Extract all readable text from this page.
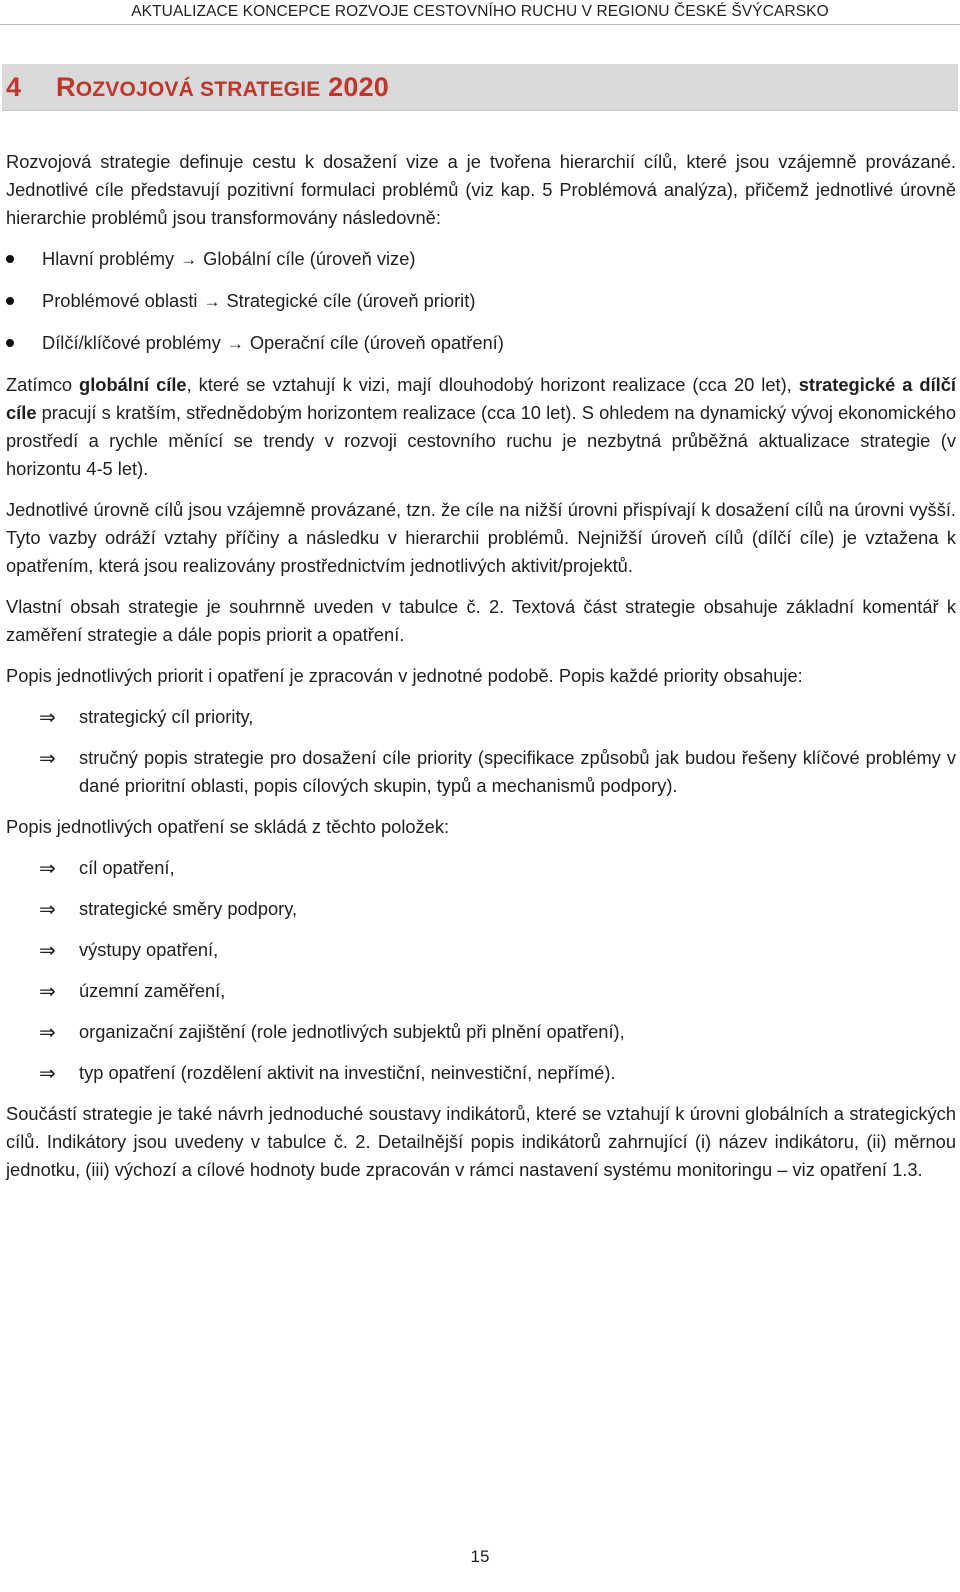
AKTUALIZACE KONCEPCE ROZVOJE CESTOVNÍHO RUCHU V REGIONU ČESKÉ ŠVÝCARSKO
4 ROZVOJOVÁ STRATEGIE 2020

Rozvojová strategie definuje cestu k dosažení vize a je tvořena hierarchií cílů, které jsou vzájemně provázané. Jednotlivé cíle představují pozitivní formulaci problémů (viz kap. 5 Problémová analýza), přičemž jednotlivé úrovně hierarchie problémů jsou transformovány následovně:

Hlavní problémy → Globální cíle (úroveň vize)
Problémové oblasti → Strategické cíle (úroveň priorit)
Dílčí/klíčové problémy → Operační cíle (úroveň opatření)

Zatímco globální cíle, které se vztahují k vizi, mají dlouhodobý horizont realizace (cca 20 let), strategické a dílčí cíle pracují s kratším, střednědobým horizontem realizace (cca 10 let). S ohledem na dynamický vývoj ekonomického prostředí a rychle měnící se trendy v rozvoji cestovního ruchu je nezbytná průběžná aktualizace strategie (v horizontu 4-5 let).

Jednotlivé úrovně cílů jsou vzájemně provázané, tzn. že cíle na nižší úrovni přispívají k dosažení cílů na úrovni vyšší. Tyto vazby odráží vztahy příčiny a následku v hierarchii problémů. Nejnižší úroveň cílů (dílčí cíle) je vztažena k opatřením, která jsou realizovány prostřednictvím jednotlivých aktivit/projektů.

Vlastní obsah strategie je souhrnně uveden v tabulce č. 2. Textová část strategie obsahuje základní komentář k zaměření strategie a dále popis priorit a opatření.

Popis jednotlivých priorit i opatření je zpracován v jednotné podobě. Popis každé priority obsahuje:

⇒ strategický cíl priority,
⇒ stručný popis strategie pro dosažení cíle priority (specifikace způsobů jak budou řešeny klíčové problémy v dané prioritní oblasti, popis cílových skupin, typů a mechanismů podpory).

Popis jednotlivých opatření se skládá z těchto položek:

⇒ cíl opatření,
⇒ strategické směry podpory,
⇒ výstupy opatření,
⇒ územní zaměření,
⇒ organizační zajištění (role jednotlivých subjektů při plnění opatření),
⇒ typ opatření (rozdělení aktivit na investiční, neinvestiční, nepřímé).

Součástí strategie je také návrh jednoduché soustavy indikátorů, které se vztahují k úrovni globálních a strategických cílů. Indikátory jsou uvedeny v tabulce č. 2. Detailnější popis indikátorů zahrnující (i) název indikátoru, (ii) měrnou jednotku, (iii) výchozí a cílové hodnoty bude zpracován v rámci nastavení systému monitoringu – viz opatření 1.3.

15
